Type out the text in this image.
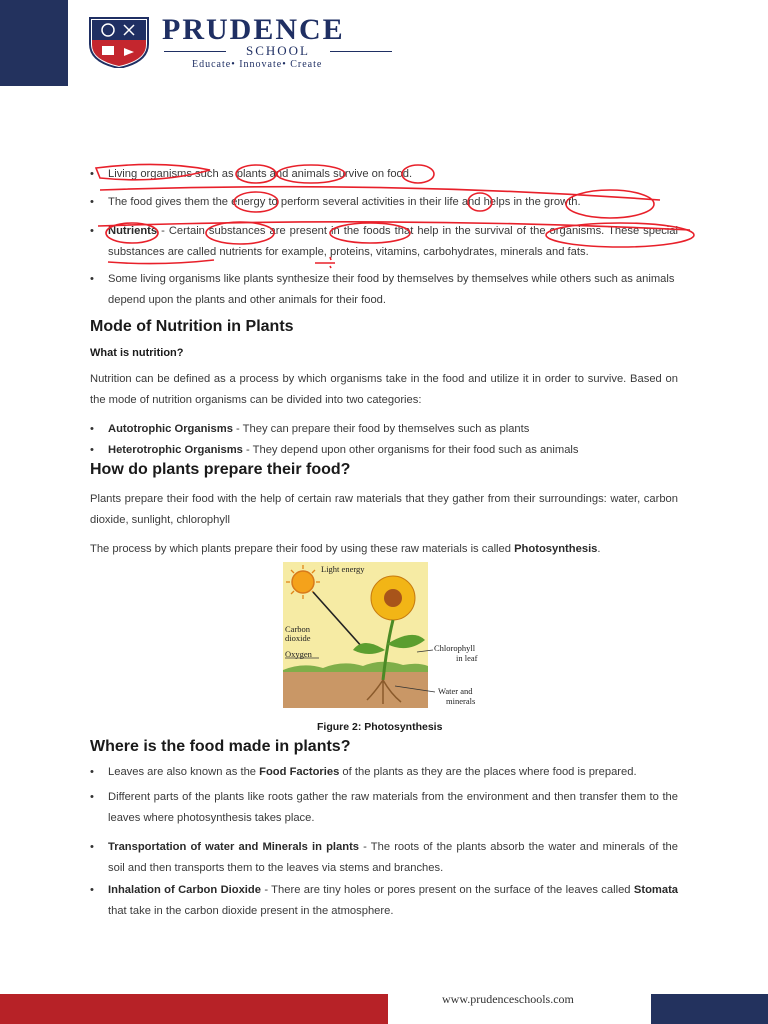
PRUDENCE
SCHOOL
Educate• Innovate• Create
• Living organisms such as plants and animals survive on food.
• The food gives them the energy to perform several activities in their life and helps in the growth.
• Nutrients - Certain substances are present in the foods that help in the survival of the organisms. These special substances are called nutrients for example, proteins, vitamins, carbohydrates, minerals and fats.
• Some living organisms like plants synthesize their food by themselves by themselves while others such as animals depend upon the plants and other animals for their food.
Mode of Nutrition in Plants
What is nutrition?
Nutrition can be defined as a process by which organisms take in the food and utilize it in order to survive. Based on the mode of nutrition organisms can be divided into two categories:
• Autotrophic Organisms - They can prepare their food by themselves such as plants
• Heterotrophic Organisms - They depend upon other organisms for their food such as animals
How do plants prepare their food?
Plants prepare their food with the help of certain raw materials that they gather from their surroundings: water, carbon dioxide, sunlight, chlorophyll
The process by which plants prepare their food by using these raw materials is called Photosynthesis.
Where is the food made in plants?
• Leaves are also known as the Food Factories of the plants as they are the places where food is prepared.
• Different parts of the plants like roots gather the raw materials from the environment and then transfer them to the leaves where photosynthesis takes place.
• Transportation of water and Minerals in plants - The roots of the plants absorb the water and minerals of the soil and then transports them to the leaves via stems and branches.
• Inhalation of Carbon Dioxide - There are tiny holes or pores present on the surface of the leaves called Stomata that take in the carbon dioxide present in the atmosphere.
Light energy
Carbon
dioxide
Oxygen
Chlorophyll
in leaf
Water and
minerals
Figure 2: Photosynthesis
www.prudenceschools.com
